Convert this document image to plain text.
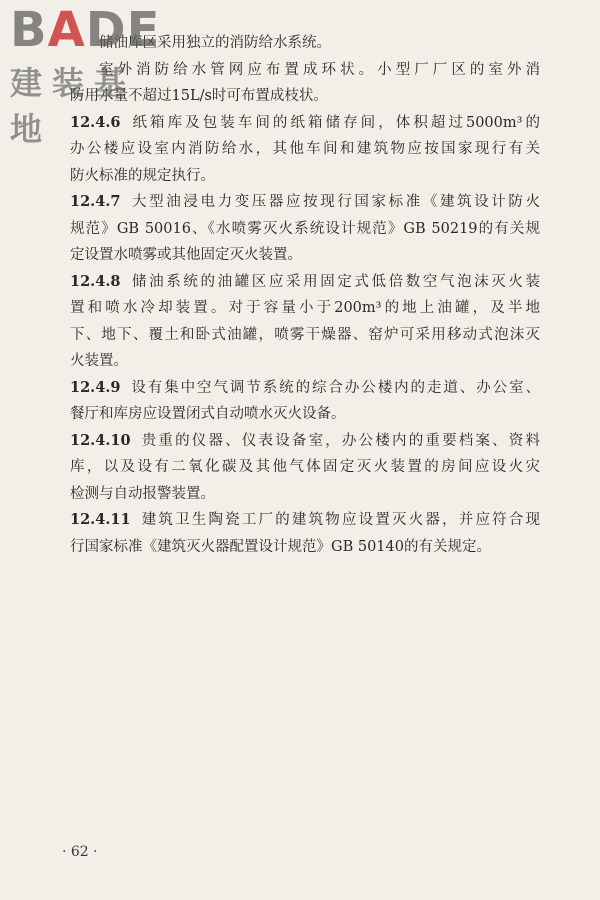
BADE
建装基地
储油库区采用独立的消防给水系统。
室外消防给水管网应布置成环状。小型厂厂区的室外消
防用水量不超过15L/s时可布置成枝状。
12.4.6 纸箱库及包装车间的纸箱储存间，体积超过5000m³的
办公楼应设室内消防给水，其他车间和建筑物应按国家现行有关
防火标准的规定执行。
12.4.7 大型油浸电力变压器应按现行国家标准《建筑设计防火
规范》GB 50016、《水喷雾灭火系统设计规范》GB 50219的有关规
定设置水喷雾或其他固定灭火装置。
12.4.8 储油系统的油罐区应采用固定式低倍数空气泡沫灭火装
置和喷水冷却装置。对于容量小于200m³的地上油罐，及半地
下、地下、覆土和卧式油罐，喷雾干燥器、窑炉可采用移动式泡沫灭
火装置。
12.4.9 设有集中空气调节系统的综合办公楼内的走道、办公室、
餐厅和库房应设置闭式自动喷水灭火设备。
12.4.10 贵重的仪器、仪表设备室，办公楼内的重要档案、资料
库，以及设有二氧化碳及其他气体固定灭火装置的房间应设火灾
检测与自动报警装置。
12.4.11 建筑卫生陶瓷工厂的建筑物应设置灭火器，并应符合现
行国家标准《建筑灭火器配置设计规范》GB 50140的有关规定。
· 62 ·
